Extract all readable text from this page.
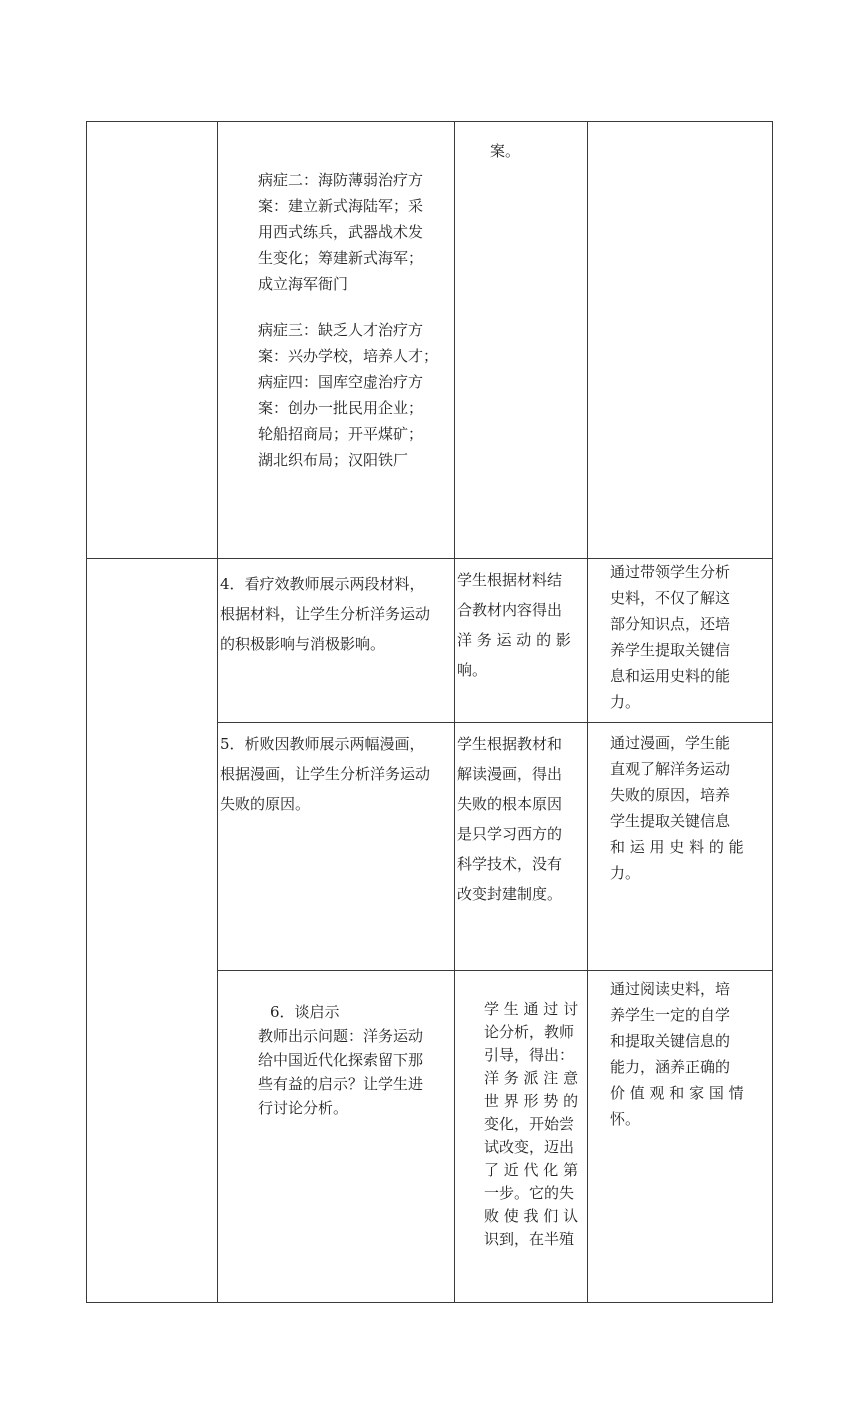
病症二：海防薄弱治疗方

案：建立新式海陆军；采

用西式练兵，武器战术发

生变化；筹建新式海军；

成立海军衙门

病症三：缺乏人才治疗方

案：兴办学校，培养人才；

病症四：国库空虚治疗方

案：创办一批民用企业；

轮船招商局；开平煤矿；

湖北织布局；汉阳铁厂

案。

4．看疗效教师展示两段材料，

根据材料，让学生分析洋务运动

的积极影响与消极影响。

学生根据材料结

合教材内容得出

洋 务 运 动 的 影

响。

通过带领学生分析

史料，不仅了解这

部分知识点，还培

养学生提取关键信

息和运用史料的能

力。

5．析败因教师展示两幅漫画，

根据漫画，让学生分析洋务运动

失败的原因。

学生根据教材和

解读漫画，得出

失败的根本原因

是只学习西方的

科学技术，没有

改变封建制度。

通过漫画，学生能

直观了解洋务运动

失败的原因，培养

学生提取关键信息

和 运 用 史 料 的 能

力。

6．谈启示

教师出示问题：洋务运动

给中国近代化探索留下那

些有益的启示？让学生进

行讨论分析。

学 生 通 过 讨

论分析，教师

引导，得出：

洋 务 派 注 意

世 界 形 势 的

变化，开始尝

试改变，迈出

了 近 代 化 第

一步。它的失

败 使 我 们 认

识到，在半殖

通过阅读史料，培

养学生一定的自学

和提取关键信息的

能力，涵养正确的

价 值 观 和 家 国 情

怀。
